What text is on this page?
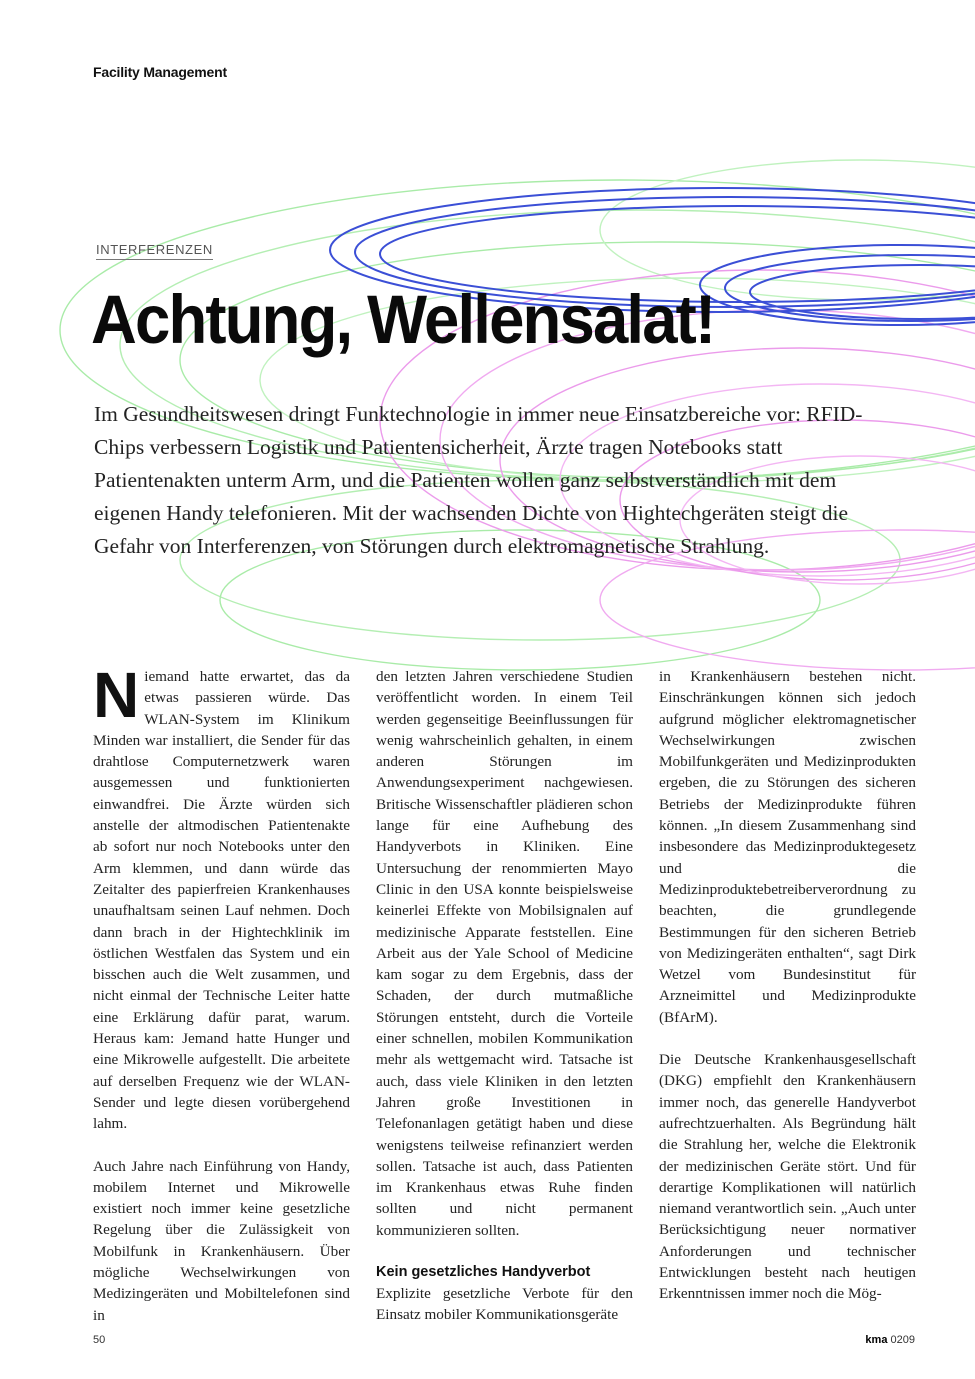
Facility Management
INTERFERENZEN
Achtung, Wellensalat!

Im Gesundheitswesen dringt Funktechnologie in immer neue Einsatzbereiche vor: RFID-Chips verbessern Logistik und Patientensicherheit, Ärzte tragen Notebooks statt Patientenakten unterm Arm, und die Patienten wollen ganz selbstverständlich mit dem eigenen Handy telefonieren. Mit der wachsenden Dichte von Hightechgeräten steigt die Gefahr von Interferenzen, von Störungen durch elektromagnetische Strahlung.

Niemand hatte erwartet, das da etwas passieren würde. Das WLAN-System im Klinikum Minden war installiert, die Sender für das drahtlose Computernetzwerk waren ausgemessen und funktionierten einwandfrei. Die Ärzte würden sich anstelle der altmodischen Patientenakte ab sofort nur noch Notebooks unter den Arm klemmen, und dann würde das Zeitalter des papierfreien Krankenhauses unaufhaltsam seinen Lauf nehmen. Doch dann brach in der Hightechklinik im östlichen Westfalen das System und ein bisschen auch die Welt zusammen, und nicht einmal der Technische Leiter hatte eine Erklärung dafür parat, warum. Heraus kam: Jemand hatte Hunger und eine Mikrowelle aufgestellt. Die arbeitete auf derselben Frequenz wie der WLAN-Sender und legte diesen vorübergehend lahm.

Auch Jahre nach Einführung von Handy, mobilem Internet und Mikrowelle existiert noch immer keine gesetzliche Regelung über die Zulässigkeit von Mobilfunk in Krankenhäusern. Über mögliche Wechselwirkungen von Medizingeräten und Mobiltelefonen sind in

den letzten Jahren verschiedene Studien veröffentlicht worden. In einem Teil werden gegenseitige Beeinflussungen für wenig wahrscheinlich gehalten, in einem anderen Störungen im Anwendungsexperiment nachgewiesen. Britische Wissenschaftler plädieren schon lange für eine Aufhebung des Handyverbots in Kliniken. Eine Untersuchung der renommierten Mayo Clinic in den USA konnte beispielsweise keinerlei Effekte von Mobilsignalen auf medizinische Apparate feststellen. Eine Arbeit aus der Yale School of Medicine kam sogar zu dem Ergebnis, dass der Schaden, der durch mutmaßliche Störungen entsteht, durch die Vorteile einer schnellen, mobilen Kommunikation mehr als wettgemacht wird. Tatsache ist auch, dass viele Kliniken in den letzten Jahren große Investitionen in Telefonanlagen getätigt haben und diese wenigstens teilweise refinanziert werden sollen. Tatsache ist auch, dass Patienten im Krankenhaus etwas Ruhe finden sollten und nicht permanent kommunizieren sollten.

Kein gesetzliches Handyverbot

Explizite gesetzliche Verbote für den Einsatz mobiler Kommunikationsgeräte

in Krankenhäusern bestehen nicht. Einschränkungen können sich jedoch aufgrund möglicher elektromagnetischer Wechselwirkungen zwischen Mobilfunkgeräten und Medizinprodukten ergeben, die zu Störungen des sicheren Betriebs der Medizinprodukte führen können. „In diesem Zusammenhang sind insbesondere das Medizinproduktegesetz und die Medizinproduktebetreiberverordnung zu beachten, die grundlegende Bestimmungen für den sicheren Betrieb von Medizingeräten enthalten“, sagt Dirk Wetzel vom Bundesinstitut für Arzneimittel und Medizinprodukte (BfArM).

Die Deutsche Krankenhausgesellschaft (DKG) empfiehlt den Krankenhäusern immer noch, das generelle Handyverbot aufrechtzuerhalten. Als Begründung hält die Strahlung her, welche die Elektronik der medizinischen Geräte stört. Und für derartige Komplikationen will natürlich niemand verantwortlich sein. „Auch unter Berücksichtigung neuer normativer Anforderungen und technischer Entwicklungen besteht nach heutigen Erkenntnissen immer noch die Mög-

50	kma 0209
